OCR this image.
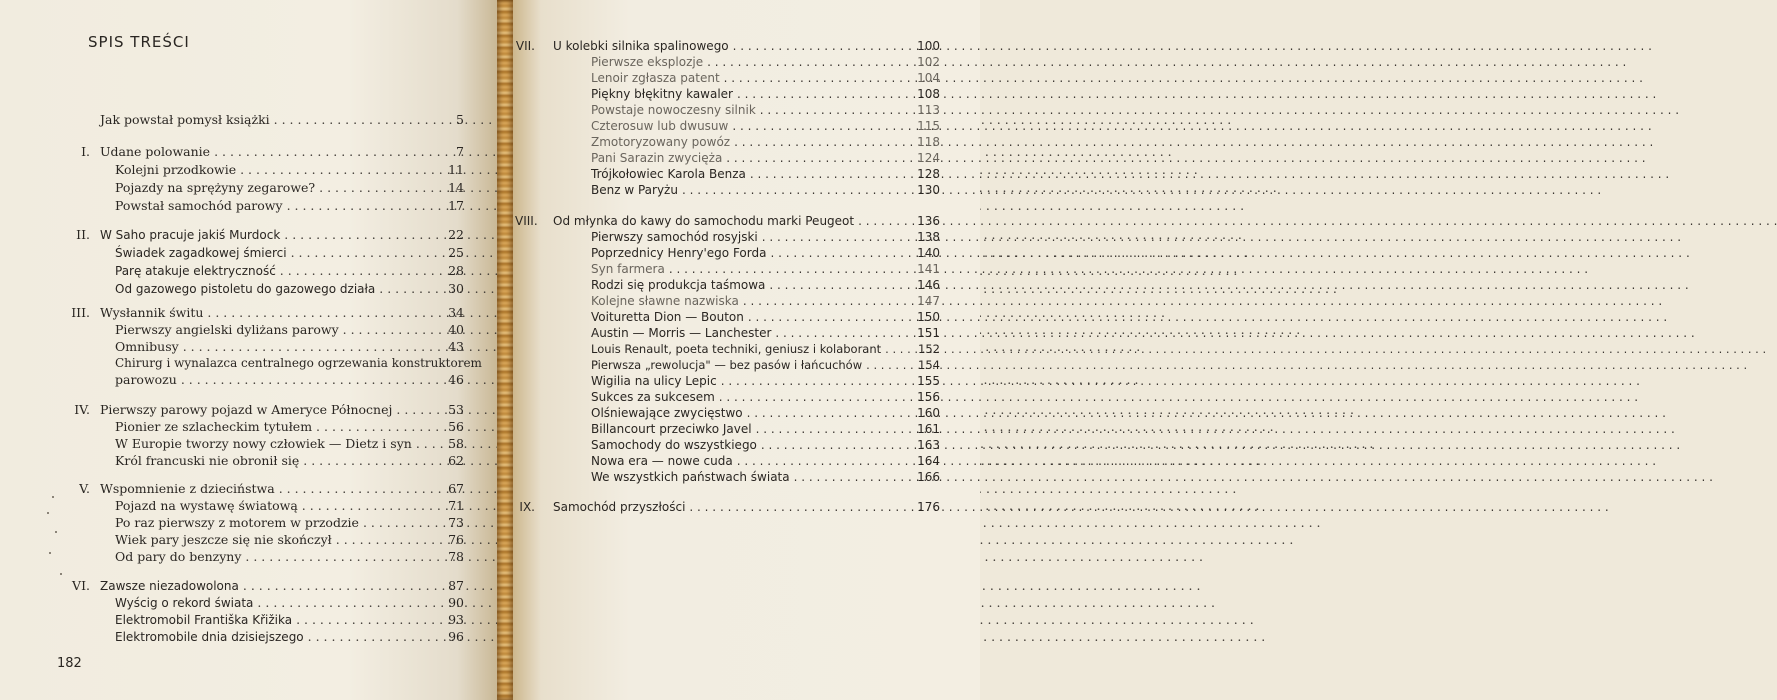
SPIS TREŚCI
Jak powstał pomysł książki . . .	5
I. Udane polowanie . . .	7
Kolejni przodkowie . . .	11
Pojazdy na sprężyny zegarowe? . . .	14
Powstał samochód parowy . . .	17
II. W Saho pracuje jakiś Murdock . . .	22
Świadek zagadkowej śmierci . . .	25
Parę atakuje elektryczność . . .	28
Od gazowego pistoletu do gazowego działa . . .	30
III. Wysłannik świtu . . .	34
Pierwszy angielski dyliżans parowy . . .	40
Omnibusy . . .	43
Chirurg i wynalazca centralnego ogrzewania konstruktorem
parowozu . . .	46
IV. Pierwszy parowy pojazd w Ameryce Północnej . . .	53
Pionier ze szlacheckim tytułem . . .	56
W Europie tworzy nowy człowiek — Dietz i syn . . .	58
Król francuski nie obronił się . . .	62
V. Wspomnienie z dzieciństwa . . .	67
Pojazd na wystawę światową . . .	71
Po raz pierwszy z motorem w przodzie . . .	73
Wiek pary jeszcze się nie skończył . . .	76
Od pary do benzyny . . .	78
VI. Zawsze niezadowolona . . .	87
Wyścig o rekord świata . . .	90
Elektromobil Františka Křižika . . .	93
Elektromobile dnia dzisiejszego . . .	96
182
VII. U kolebki silnika spalinowego . . .	100
Pierwsze eksplozje . . .	102
Lenoir zgłasza patent . . .	104
Piękny błękitny kawaler . . .	108
Powstaje nowoczesny silnik . . .	113
Czterosuw lub dwusuw . . .	115
Zmotoryzowany powóz . . .	118
Pani Sarazin zwycięża . . .	124
Trójkołowiec Karola Benza . . .	128
Benz w Paryżu . . .	130
VIII. Od młynka do kawy do samochodu marki Peugeot . . .	136
Pierwszy samochód rosyjski . . .	138
Poprzednicy Henry'ego Forda . . .	140
Syn farmera . . .	141
Rodzi się produkcja taśmowa . . .	146
Kolejne sławne nazwiska . . .	147
Voituretta Dion — Bouton . . .	150
Austin — Morris — Lanchester . . .	151
Louis Renault, poeta techniki, geniusz i kolaborant . . .	152
Pierwsza „rewolucja" — bez pasów i łańcuchów . . .	154
Wigilia na ulicy Lepic . . .	155
Sukces za sukcesem . . .	156
Olśniewające zwycięstwo . . .	160
Billancourt przeciwko Javel . . .	161
Samochody do wszystkiego . . .	163
Nowa era — nowe cuda . . .	164
We wszystkich państwach świata . . .	166
IX. Samochód przyszłości . . .	176
